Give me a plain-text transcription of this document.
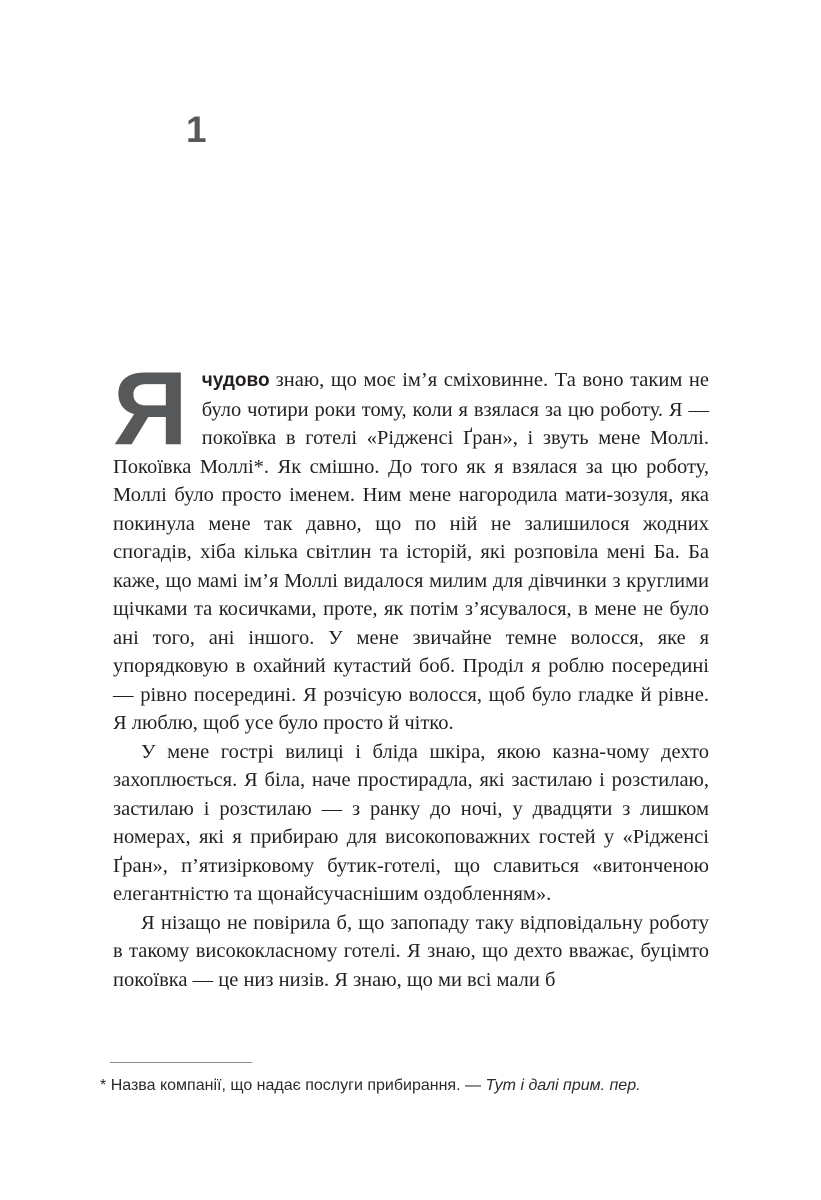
1

Ячудово знаю, що моє ім’я сміховинне. Та воно таким не було чотири роки тому, коли я взялася за цю роботу. Я — покоївка в готелі «Рідженсі Ґран», і звуть мене Моллі. Покоївка Моллі*. Як смішно. До того як я взялася за цю роботу, Моллі було просто іменем. Ним мене нагородила мати-зозуля, яка покинула мене так давно, що по ній не залишилося жодних спогадів, хіба кілька світлин та історій, які розповіла мені Ба. Ба каже, що мамі ім’я Моллі видалося милим для дівчинки з круглими щічками та косичками, проте, як потім з’ясувалося, в мене не було ані того, ані іншого. У мене звичайне темне волосся, яке я упорядковую в охайний кутастий боб. Проділ я роблю посередині — рівно посередині. Я розчісую волосся, щоб було гладке й рівне. Я люблю, щоб усе було просто й чітко.

У мене гострі вилиці і бліда шкіра, якою казна-чому дехто захоплюється. Я біла, наче простирадла, які застилаю і розстилаю, застилаю і розстилаю — з ранку до ночі, у двадцяти з лишком номерах, які я прибираю для високоповажних гостей у «Рідженсі Ґран», п’ятизірковому бутик-готелі, що славиться «витонченою елегантністю та щонайсучаснішим оздобленням».

Я нізащо не повірила б, що запопаду таку відповідальну роботу в такому висококласному готелі. Я знаю, що дехто вважає, буцімто покоївка — це низ низів. Я знаю, що ми всі мали б

* Назва компанії, що надає послуги прибирання. — Тут і далі прим. пер.
